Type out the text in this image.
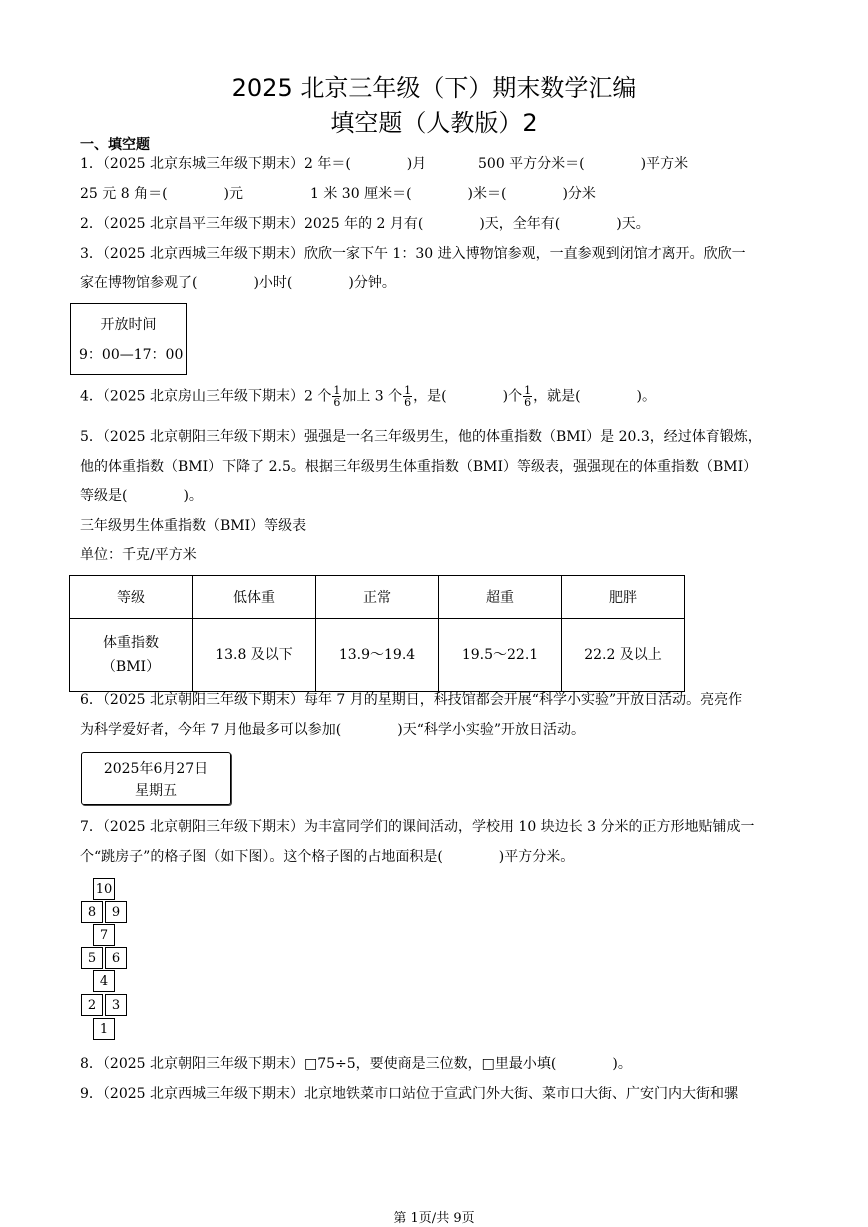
2025 北京三年级（下）期末数学汇编
填空题（人教版）2
一、填空题
1．（2025 北京东城三年级下期末）2 年＝(　　　　)月	500 平方分米＝(　　　　)平方米
25 元 8 角＝(　　　　)元	1 米 30 厘米＝(　　　　)米＝(　　　　)分米
2．（2025 北京昌平三年级下期末）2025 年的 2 月有(　　　　)天，全年有(　　　　)天。
3．（2025 北京西城三年级下期末）欣欣一家下午 1：30 进入博物馆参观，一直参观到闭馆才离开。欣欣一
家在博物馆参观了(　　　　)小时(　　　　)分钟。
开放时间
9：00—17：00
4．（2025 北京房山三年级下期末）2 个 $\frac{1}{6}$ 加上 3 个 $\frac{1}{6}$ ，是(　　　　)个 $\frac{1}{6}$ ，就是(　　　　)。
5．（2025 北京朝阳三年级下期末）强强是一名三年级男生，他的体重指数（BMI）是 20.3，经过体育锻炼，
他的体重指数（BMI）下降了 2.5。根据三年级男生体重指数（BMI）等级表，强强现在的体重指数（BMI）
等级是(　　　　)。
三年级男生体重指数（BMI）等级表
单位：千克/平方米
等级	低体重	正常	超重	肥胖
体重指数
（BMI）	13.8 及以下	13.9～19.4	19.5～22.1	22.2 及以上
6．（2025 北京朝阳三年级下期末）每年 7 月的星期日，科技馆都会开展“科学小实验”开放日活动。亮亮作
为科学爱好者，今年 7 月他最多可以参加(　　　　)天“科学小实验”开放日活动。
2025年6月27日
星期五
7．（2025 北京朝阳三年级下期末）为丰富同学们的课间活动，学校用 10 块边长 3 分米的正方形地贴铺成一
个“跳房子”的格子图（如下图）。这个格子图的占地面积是(　　　　)平方分米。
10
8	9
7
5	6
4
2	3
1
8．（2025 北京朝阳三年级下期末）□75÷5，要使商是三位数，□里最小填(　　　　)。
9．（2025 北京西城三年级下期末）北京地铁菜市口站位于宣武门外大街、菜市口大街、广安门内大街和骡
第 1页/共 9页
